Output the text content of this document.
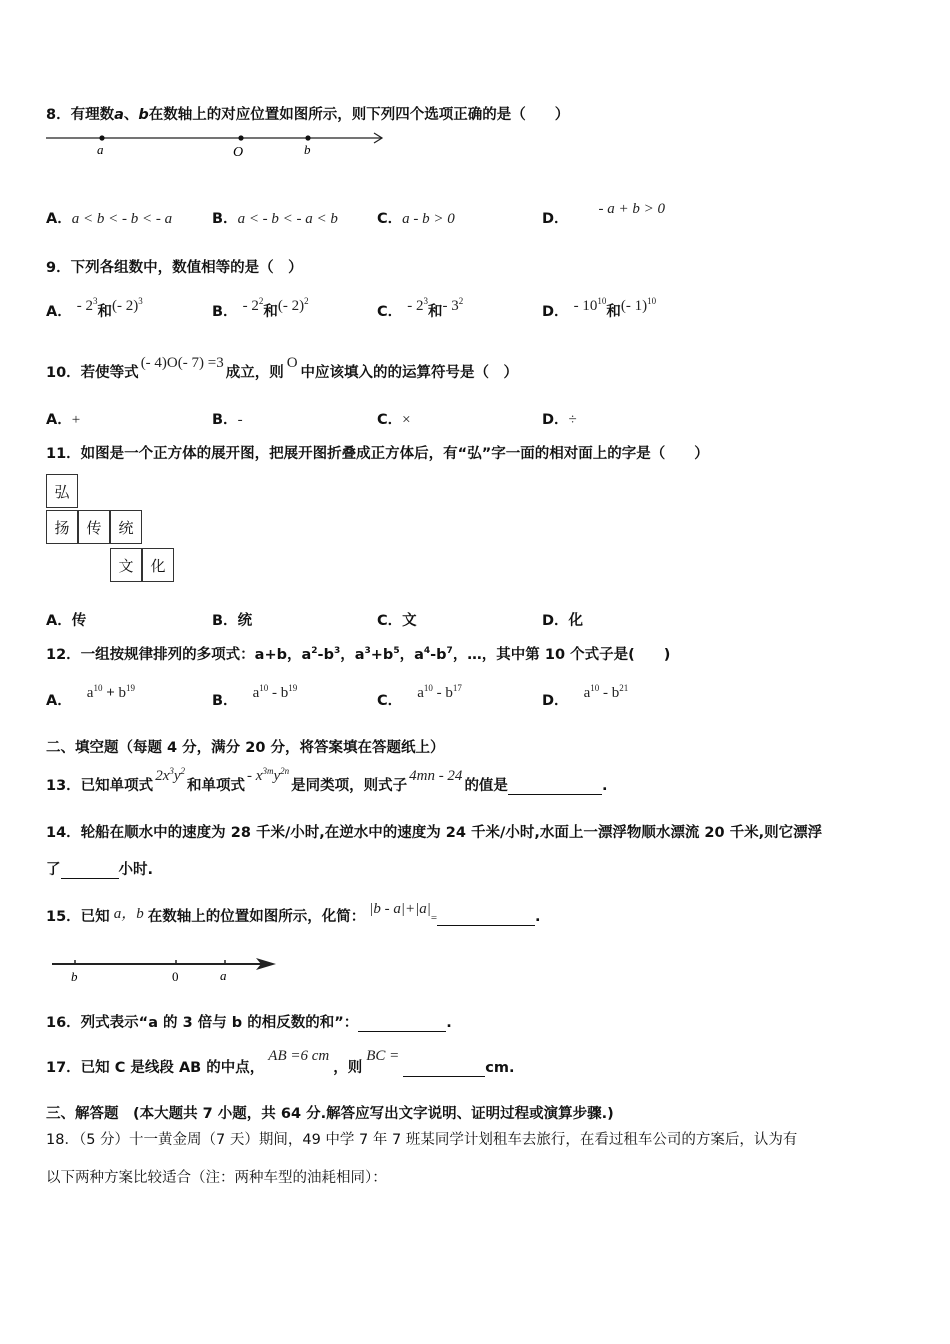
8．有理数a、b在数轴上的对应位置如图所示，则下列四个选项正确的是（　　）
a	O	b
A．a < b < - b < - a	B．a < - b < - a < b	C．a - b > 0	D．- a + b > 0
9．下列各组数中，数值相等的是（　）
A． - $2^3$和(- 2)$^3$
B． - $2^2$和(- 2)$^2$
C． - $2^3$和- $3^2$
D． - $10^{10}$和(- 1)$^{10}$
10．若使等式(- 4)O(- 7) =3成立，则O中应该填入的的运算符号是（　）
A．+	B．-	C．×	D．÷
11．如图是一个正方体的展开图，把展开图折叠成正方体后，有“弘”字一面的相对面上的字是（　　）
弘
扬	传	统
文	化
A．传	B．统	C．文	D．化
12．一组按规律排列的多项式：a+b，$a^2-b^3$，$a^3+b^5$，$a^4-b^7$，…，其中第 10 个式子是(　　)
A． $a^{10} + b^{19}$
B． $a^{10} - b^{19}$
C． $a^{10} - b^{17}$
D． $a^{10} - b^{21}$
二、填空题（每题 4 分，满分 20 分，将答案填在答题纸上）
13．已知单项式$2x^3y^2$和单项式- $x^{3m}y^{2n}$是同类项，则式子4mn - 24的值是	.
14．轮船在顺水中的速度为 28 千米/小时,在逆水中的速度为 24 千米/小时,水面上一漂浮物顺水漂流 20 千米,则它漂浮
了	小时.
15．已知 a，b 在数轴上的位置如图所示，化简： |b - a|+|a|=	.
b	0	a
16．列式表示“a 的 3 倍与 b 的相反数的和”：	.
17．已知 C 是线段 AB 的中点，AB =6 cm，则BC =cm.
三、解答题　(本大题共 7 小题，共 64 分.解答应写出文字说明、证明过程或演算步骤.)
18．（5 分）十一黄金周（7 天）期间，49 中学 7 年 7 班某同学计划租车去旅行，在看过租车公司的方案后，认为有
以下两种方案比较适合（注：两种车型的油耗相同）：
